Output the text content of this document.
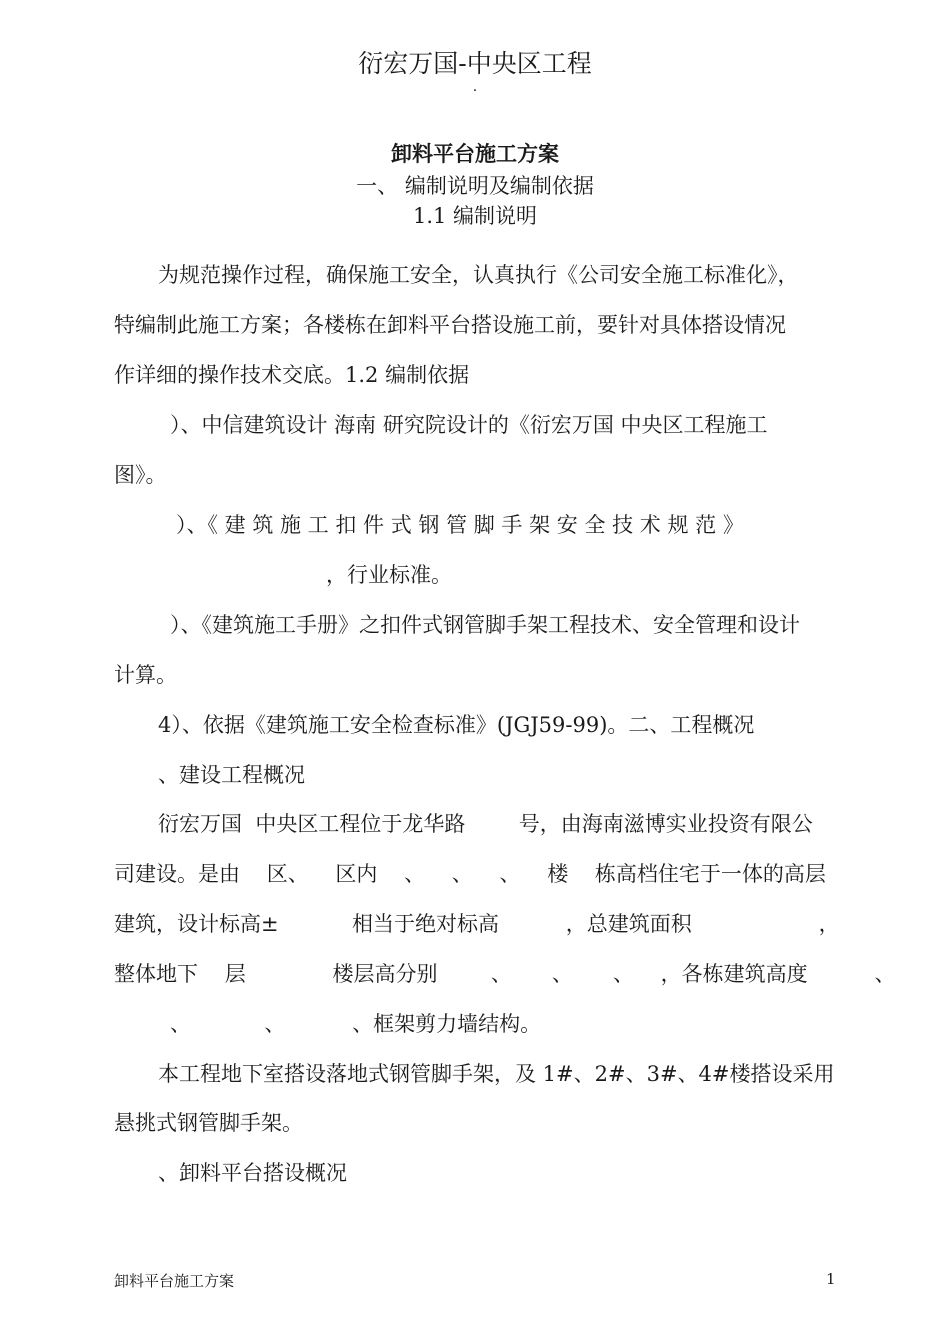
衍宏万国-中央区工程
·
卸料平台施工方案
一、 编制说明及编制依据
1.1 编制说明
为规范操作过程，确保施工安全，认真执行《公司安全施工标准化》，
特编制此施工方案；各楼栋在卸料平台搭设施工前，要针对具体搭设情况
作详细的操作技术交底。1.2 编制依据
）、中信建筑设计 海南 研究院设计的《衍宏万国 中央区工程施工
图》。
）、《 建 筑 施 工 扣 件 式 钢 管 脚 手 架 安 全 技 术 规 范 》
，行业标准。
）、《建筑施工手册》之扣件式钢管脚手架工程技术、安全管理和设计
计算。
4）、依据《建筑施工安全检查标准》(JGJ59-99)。二、工程概况
、建设工程概况
衍宏万国  中央区工程位于龙华路        号，由海南滋博实业投资有限公
司建设。是由    区、    区内    、    、    、    楼    栋高档住宅于一体的高层
建筑，设计标高±           相当于绝对标高          ，总建筑面积                   ，
整体地下    层             楼层高分别        、      、      、    ，各栋建筑高度          、
、           、          、框架剪力墙结构。
本工程地下室搭设落地式钢管脚手架，及 1#、2#、3#、4#楼搭设采用
悬挑式钢管脚手架。
、卸料平台搭设概况
卸料平台施工方案	1
